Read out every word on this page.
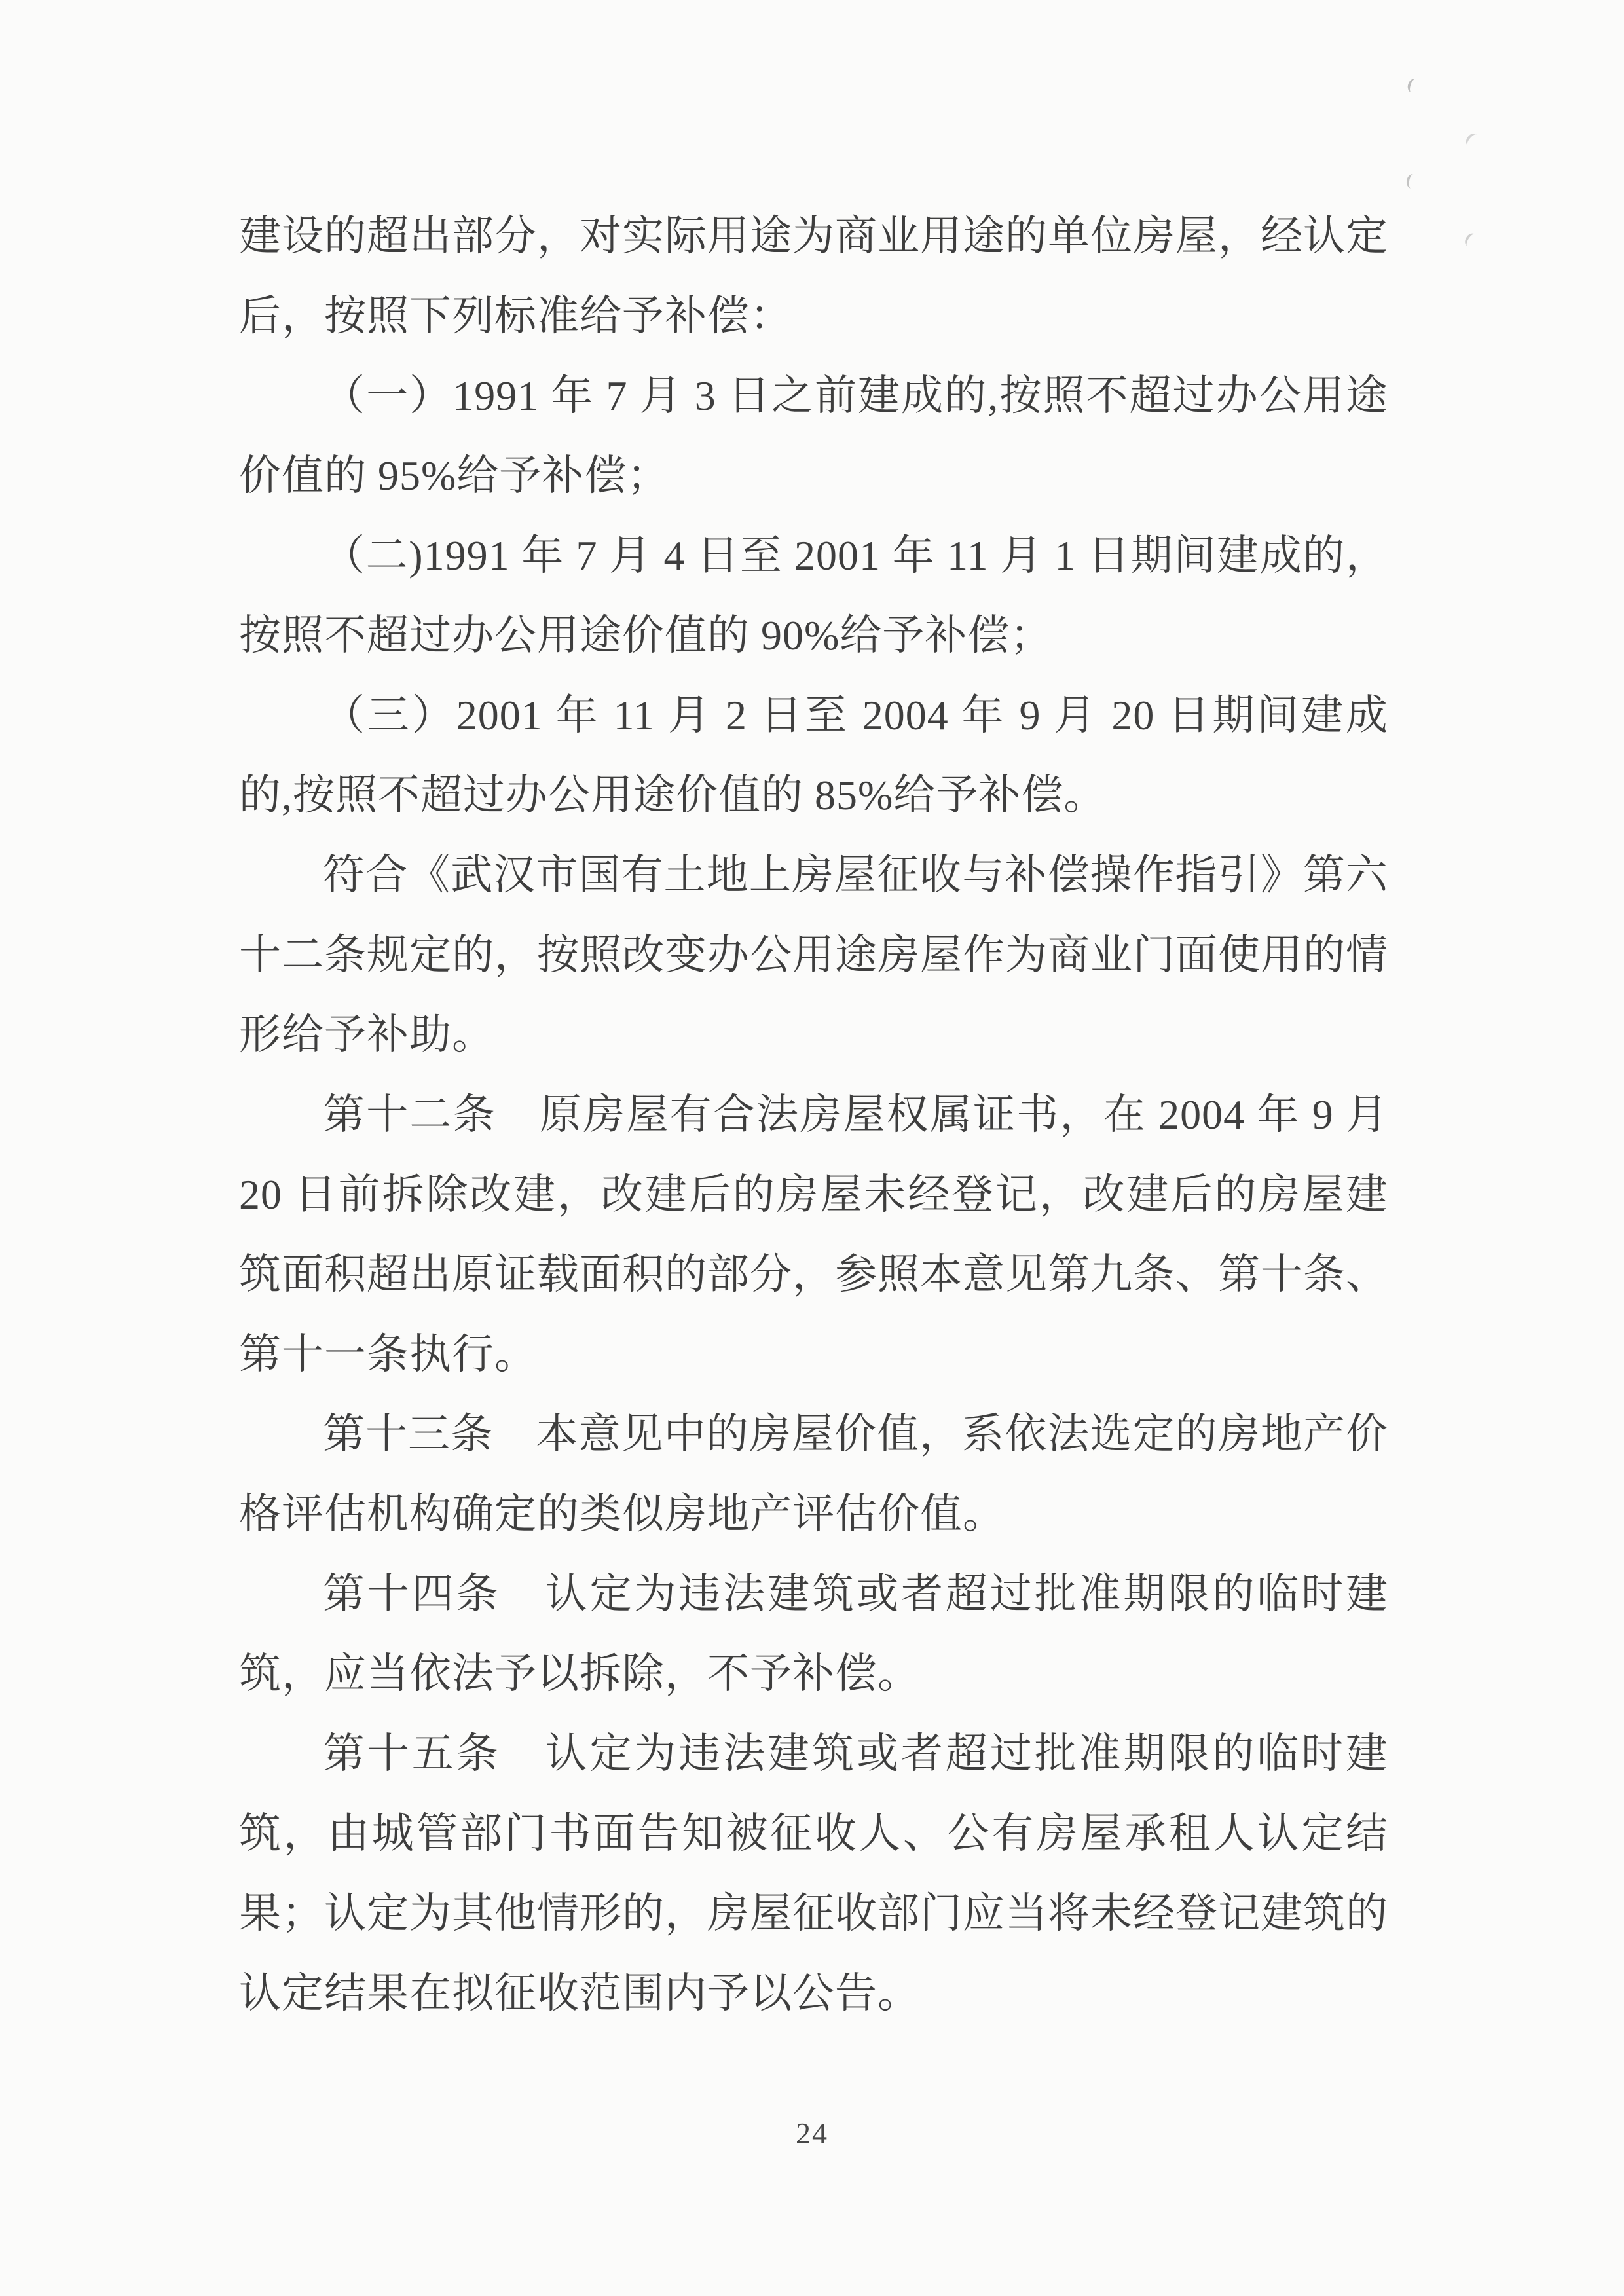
建设的超出部分，对实际用途为商业用途的单位房屋，经认定后，按照下列标准给予补偿：

（一）1991 年 7 月 3 日之前建成的,按照不超过办公用途价值的 95%给予补偿；

（二)1991 年 7 月 4 日至 2001 年 11 月 1 日期间建成的，按照不超过办公用途价值的 90%给予补偿；

（三）2001 年 11 月 2 日至 2004 年 9 月 20 日期间建成的,按照不超过办公用途价值的 85%给予补偿。

符合《武汉市国有土地上房屋征收与补偿操作指引》第六十二条规定的，按照改变办公用途房屋作为商业门面使用的情形给予补助。

第十二条　原房屋有合法房屋权属证书，在 2004 年 9 月 20 日前拆除改建，改建后的房屋未经登记，改建后的房屋建筑面积超出原证载面积的部分，参照本意见第九条、第十条、第十一条执行。

第十三条　本意见中的房屋价值，系依法选定的房地产价格评估机构确定的类似房地产评估价值。

第十四条　认定为违法建筑或者超过批准期限的临时建筑，应当依法予以拆除，不予补偿。

第十五条　认定为违法建筑或者超过批准期限的临时建筑，由城管部门书面告知被征收人、公有房屋承租人认定结果；认定为其他情形的，房屋征收部门应当将未经登记建筑的认定结果在拟征收范围内予以公告。

24
